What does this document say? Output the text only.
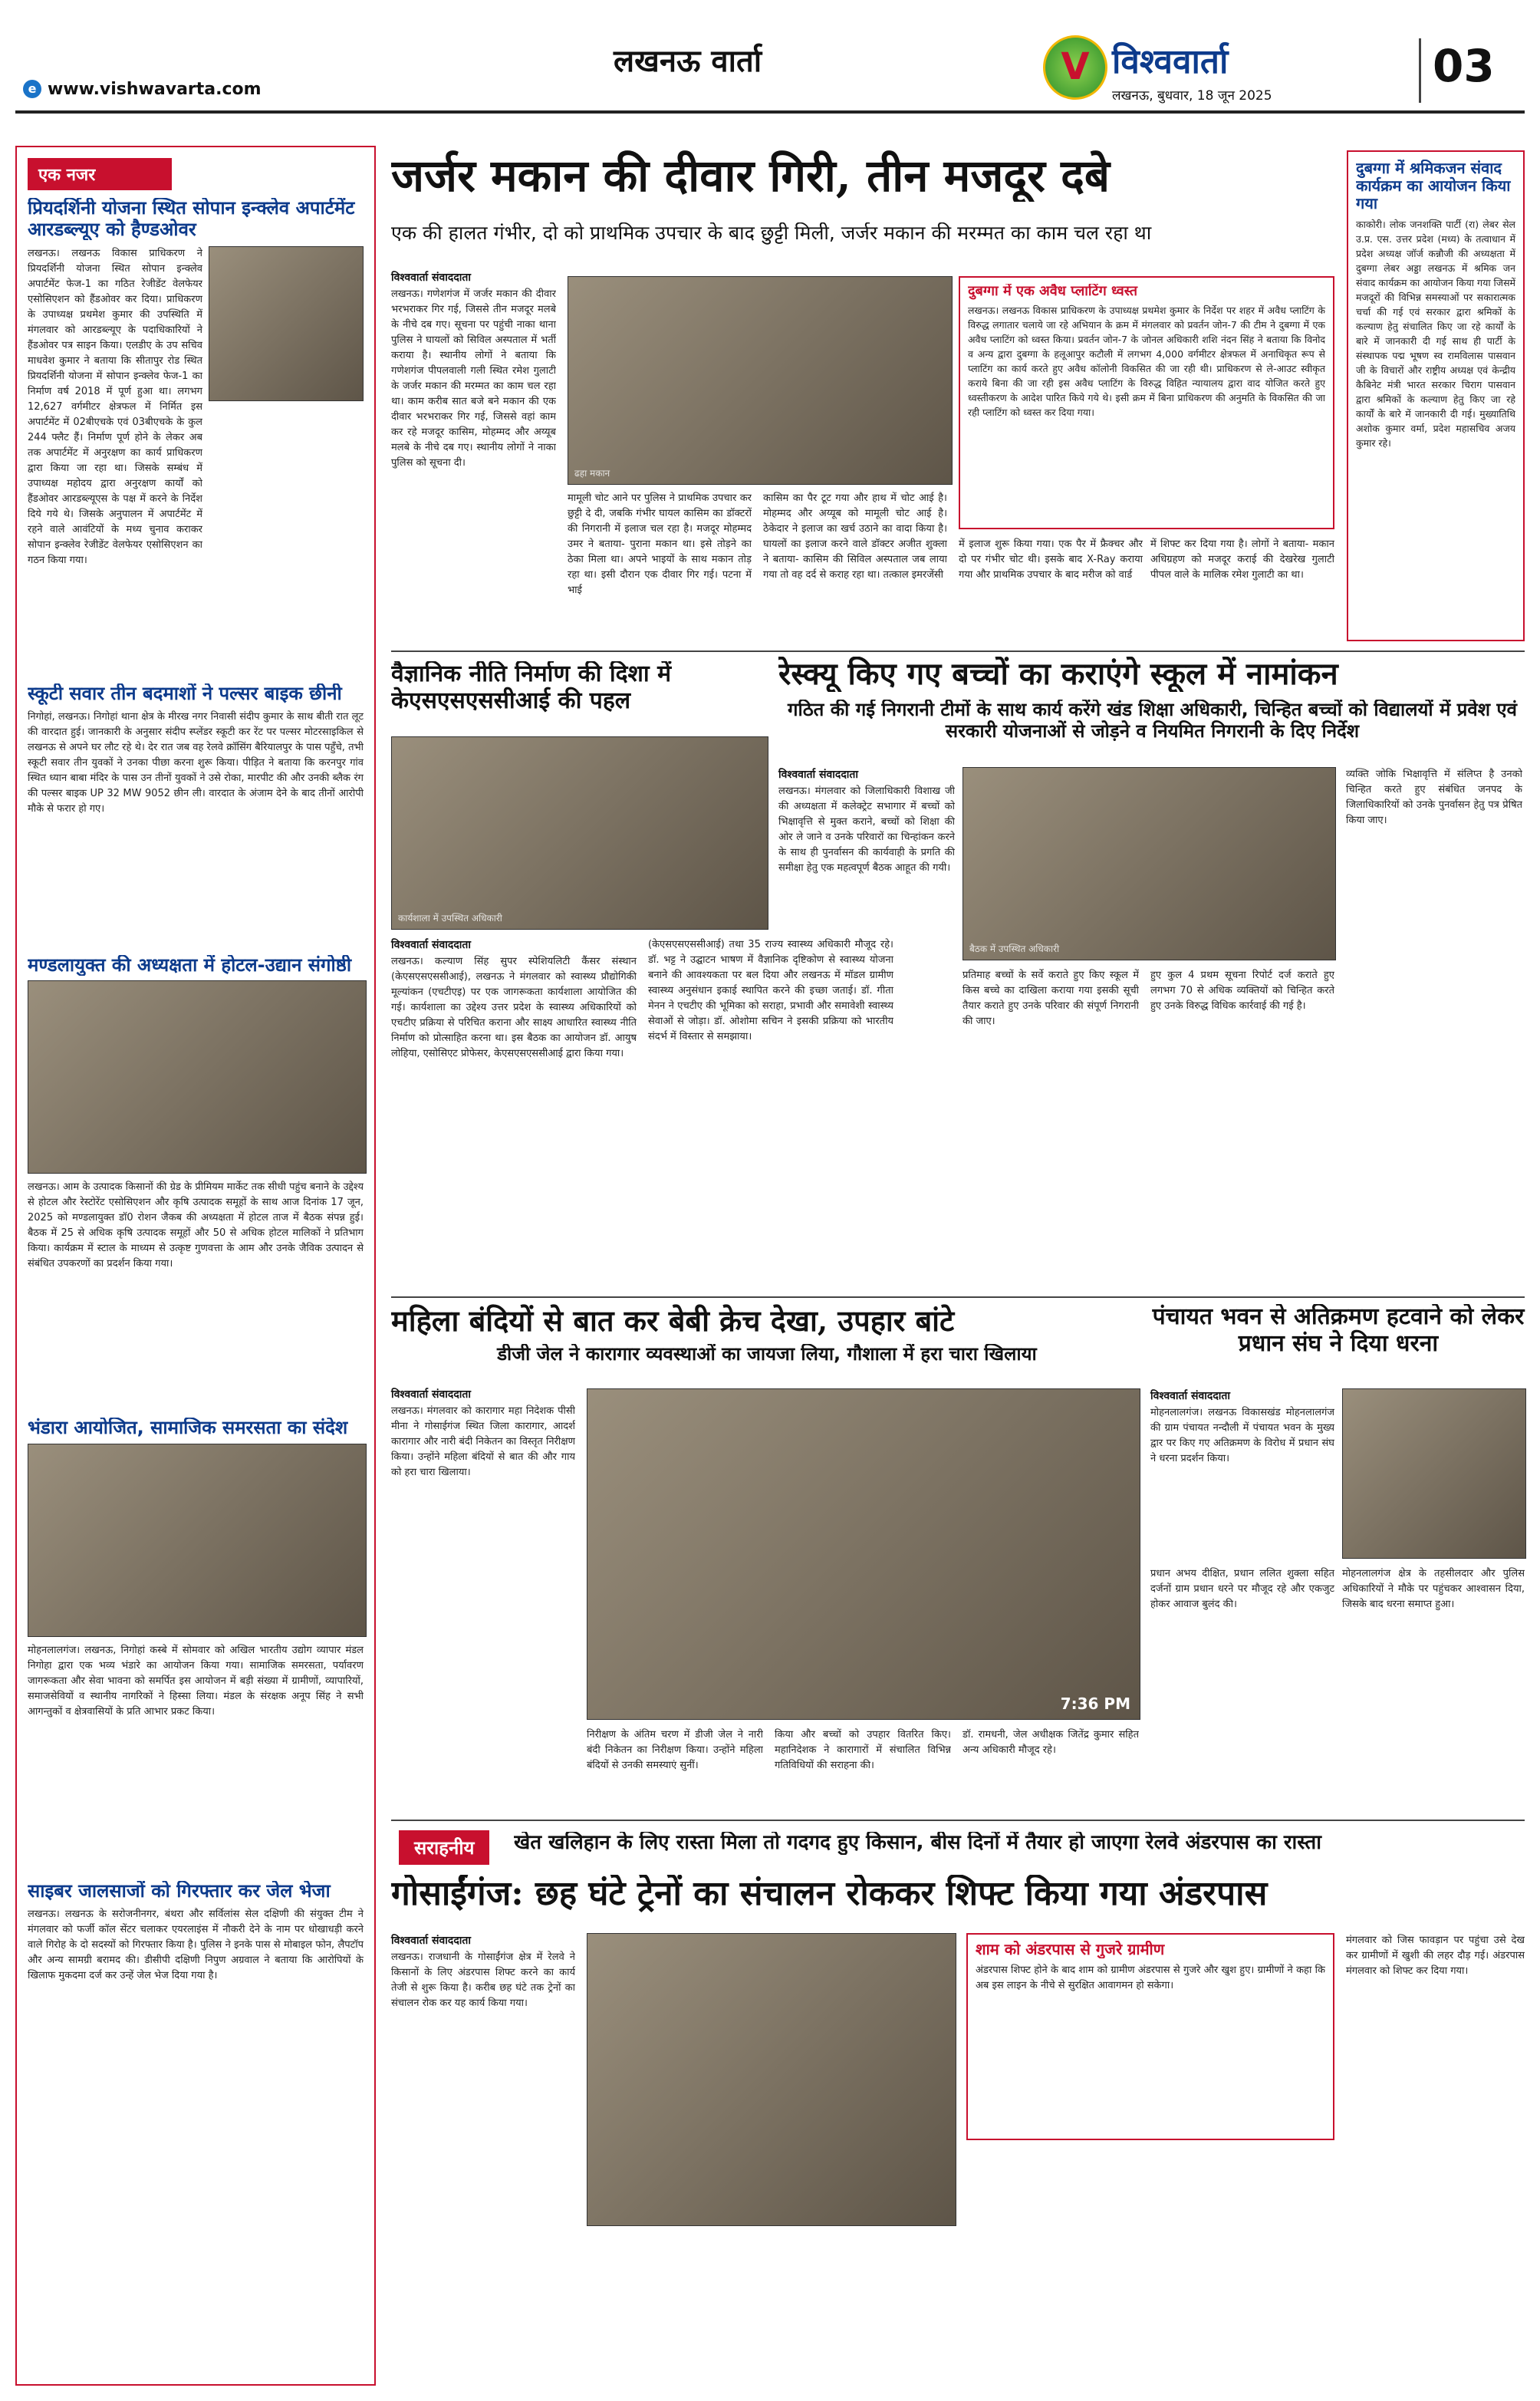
लखनऊ वार्ता
e www.vishwavarta.com
V विश्ववार्ता
लखनऊ, बुधवार, 18 जून 2025
03
एक नजर
प्रियदर्शिनी योजना स्थित सोपान इन्क्लेव अपार्टमेंट आरडब्ल्यूए को हैण्डओवर
लखनऊ। लखनऊ विकास प्राधिकरण ने प्रियदर्शिनी योजना स्थित सोपान इन्क्लेव अपार्टमेंट फेज-1 का गठित रेजीडेंट वेलफेयर एसोसिएशन को हैंडओवर कर दिया। प्राधिकरण के उपाध्यक्ष प्रथमेश कुमार की उपस्थिति में मंगलवार को आरडब्ल्यूए के पदाधिकारियों ने हैंडओवर पत्र साइन किया। एलडीए के उप सचिव माधवेश कुमार ने बताया कि सीतापुर रोड स्थित प्रियदर्शिनी योजना में सोपान इन्क्लेव फेज-1 का निर्माण वर्ष 2018 में पूर्ण हुआ था। लगभग 12,627 वर्गमीटर क्षेत्रफल में निर्मित इस अपार्टमेंट में 02बीएचके एवं 03बीएचके के कुल 244 फ्लैट हैं। निर्माण पूर्ण होने के लेकर अब तक अपार्टमेंट में अनुरक्षण का कार्य प्राधिकरण द्वारा किया जा रहा था। जिसके सम्बंध में उपाध्यक्ष महोदय द्वारा अनुरक्षण कार्यों को हैंडओवर आरडब्ल्यूएस के पक्ष में करने के निर्देश दिये गये थे। जिसके अनुपालन में अपार्टमेंट में रहने वाले आवंटियों के मध्य चुनाव कराकर सोपान इन्क्लेव रेजीडेंट वेलफेयर एसोसिएशन का गठन किया गया।
स्कूटी सवार तीन बदमाशों ने पल्सर बाइक छीनी
निगोहां, लखनऊ। निगोहां थाना क्षेत्र के मीरख नगर निवासी संदीप कुमार के साथ बीती रात लूट की वारदात हुई। जानकारी के अनुसार संदीप स्प्लेंडर स्कूटी कर रेंट पर पल्सर मोटरसाइकिल से लखनऊ से अपने घर लौट रहे थे। देर रात जब वह रेलवे क्रॉसिंग बैरियालपुर के पास पहुँचे, तभी स्कूटी सवार तीन युवकों ने उनका पीछा करना शुरू किया। पीड़ित ने बताया कि करनपुर गांव स्थित ध्यान बाबा मंदिर के पास उन तीनों युवकों ने उसे रोका, मारपीट की और उनकी ब्लैक रंग की पल्सर बाइक UP 32 MW 9052 छीन ली। वारदात के अंजाम देने के बाद तीनों आरोपी मौके से फरार हो गए।
मण्डलायुक्त की अध्यक्षता में होटल-उद्यान संगोष्ठी
लखनऊ। आम के उत्पादक किसानों की ग्रेड के प्रीमियम मार्केट तक सीधी पहुंच बनाने के उद्देश्य से होटल और रेस्टोरेंट एसोसिएशन और कृषि उत्पादक समूहों के साथ आज दिनांक 17 जून, 2025 को मण्डलायुक्त डॉ0 रोशन जैकब की अध्यक्षता में होटल ताज में बैठक संपन्न हुई। बैठक में 25 से अधिक कृषि उत्पादक समूहों और 50 से अधिक होटल मालिकों ने प्रतिभाग किया। कार्यक्रम में स्टाल के माध्यम से उत्कृष्ट गुणवत्ता के आम और उनके जैविक उत्पादन से संबंधित उपकरणों का प्रदर्शन किया गया।
भंडारा आयोजित, सामाजिक समरसता का संदेश
मोहनलालगंज। लखनऊ, निगोहां कस्बे में सोमवार को अखिल भारतीय उद्योग व्यापार मंडल निगोहा द्वारा एक भव्य भंडारे का आयोजन किया गया। सामाजिक समरसता, पर्यावरण जागरूकता और सेवा भावना को समर्पित इस आयोजन में बड़ी संख्या में ग्रामीणों, व्यापारियों, समाजसेवियों व स्थानीय नागरिकों ने हिस्सा लिया। मंडल के संरक्षक अनूप सिंह ने सभी आगन्तुकों व क्षेत्रवासियों के प्रति आभार प्रकट किया।
साइबर जालसाजों को गिरफ्तार कर जेल भेजा
लखनऊ। लखनऊ के सरोजनीनगर, बंथरा और सर्विलांस सेल दक्षिणी की संयुक्त टीम ने मंगलवार को फर्जी कॉल सेंटर चलाकर एयरलाइंस में नौकरी देने के नाम पर धोखाधड़ी करने वाले गिरोह के दो सदस्यों को गिरफ्तार किया है। पुलिस ने इनके पास से मोबाइल फोन, लैपटॉप और अन्य सामग्री बरामद की। डीसीपी दक्षिणी निपुण अग्रवाल ने बताया कि आरोपियों के खिलाफ मुकदमा दर्ज कर उन्हें जेल भेज दिया गया है।
जर्जर मकान की दीवार गिरी, तीन मजदूर दबे
एक की हालत गंभीर, दो को प्राथमिक उपचार के बाद छुट्टी मिली, जर्जर मकान की मरम्मत का काम चल रहा था
विश्ववार्ता संवाददाता
लखनऊ। गणेशगंज में जर्जर मकान की दीवार भरभराकर गिर गई, जिससे तीन मजदूर मलबे के नीचे दब गए। सूचना पर पहुंची नाका थाना पुलिस ने घायलों को सिविल अस्पताल में भर्ती कराया है। स्थानीय लोगों ने बताया कि गणेशगंज पीपलवाली गली स्थित रमेश गुलाटी के जर्जर मकान की मरम्मत का काम चल रहा था। काम करीब सात बजे बने मकान की एक दीवार भरभराकर गिर गई, जिससे वहां काम कर रहे मजदूर कासिम, मोहम्मद और अय्यूब मलबे के नीचे दब गए। स्थानीय लोगों ने नाका पुलिस को सूचना दी।
ढहा मकान
मामूली चोट आने पर पुलिस ने प्राथमिक उपचार कर छुट्टी दे दी, जबकि गंभीर घायल कासिम का डॉक्टरों की निगरानी में इलाज चल रहा है। मजदूर मोहम्मद उमर ने बताया- पुराना मकान था। इसे तोड़ने का ठेका मिला था। अपने भाइयों के साथ मकान तोड़ रहा था। इसी दौरान एक दीवार गिर गई। पटना में भाई
कासिम का पैर टूट गया और हाथ में चोट आई है। मोहम्मद और अय्यूब को मामूली चोट आई है। ठेकेदार ने इलाज का खर्च उठाने का वादा किया है। घायलों का इलाज करने वाले डॉक्टर अजीत शुक्ला ने बताया- कासिम की सिविल अस्पताल जब लाया गया तो वह दर्द से कराह रहा था। तत्काल इमरजेंसी
दुबग्गा में एक अवैध प्लाटिंग ध्वस्त
लखनऊ। लखनऊ विकास प्राधिकरण के उपाध्यक्ष प्रथमेश कुमार के निर्देश पर शहर में अवैध प्लाटिंग के विरुद्ध लगातार चलाये जा रहे अभियान के क्रम में मंगलवार को प्रवर्तन जोन-7 की टीम ने दुबग्गा में एक अवैध प्लाटिंग को ध्वस्त किया। प्रवर्तन जोन-7 के जोनल अधिकारी शशि नंदन सिंह ने बताया कि विनोद व अन्य द्वारा दुबग्गा के हलूआपुर कटौली में लगभग 4,000 वर्गमीटर क्षेत्रफल में अनाधिकृत रूप से प्लाटिंग का कार्य करते हुए अवैध कॉलोनी विकसित की जा रही थी। प्राधिकरण से ले-आउट स्वीकृत कराये बिना की जा रही इस अवैध प्लाटिंग के विरुद्ध विहित न्यायालय द्वारा वाद योजित करते हुए ध्वस्तीकरण के आदेश पारित किये गये थे। इसी क्रम में बिना प्राधिकरण की अनुमति के विकसित की जा रही प्लाटिंग को ध्वस्त कर दिया गया।
में इलाज शुरू किया गया। एक पैर में फ्रैक्चर और दो पर गंभीर चोट थी। इसके बाद X-Ray कराया गया और प्राथमिक उपचार के बाद मरीज को वार्ड
में शिफ्ट कर दिया गया है। लोगों ने बताया- मकान अधिग्रहण को मजदूर कराई की देखरेख गुलाटी पीपल वाले के मालिक रमेश गुलाटी का था।
दुबग्गा में श्रमिकजन संवाद कार्यक्रम का आयोजन किया गया
काकोरी। लोक जनशक्ति पार्टी (रा) लेबर सेल उ.प्र. एस. उत्तर प्रदेश (मध्य) के तत्वाधान में प्रदेश अध्यक्ष जॉर्ज कन्नौजी की अध्यक्षता में दुबग्गा लेबर अड्डा लखनऊ में श्रमिक जन संवाद कार्यक्रम का आयोजन किया गया जिसमें मजदूरों की विभिन्न समस्याओं पर सकारात्मक चर्चा की गई एवं सरकार द्वारा श्रमिकों के कल्याण हेतु संचालित किए जा रहे कार्यों के बारे में जानकारी दी गई साथ ही पार्टी के संस्थापक पद्म भूषण स्व रामविलास पासवान जी के विचारों और राष्ट्रीय अध्यक्ष एवं केन्द्रीय कैबिनेट मंत्री भारत सरकार चिराग पासवान द्वारा श्रमिकों के कल्याण हेतु किए जा रहे कार्यों के बारे में जानकारी दी गई। मुख्यातिथि अशोक कुमार वर्मा, प्रदेश महासचिव अजय कुमार रहे।
वैज्ञानिक नीति निर्माण की दिशा में केएसएसएससीआई की पहल
कार्यशाला में उपस्थित अधिकारी
विश्ववार्ता संवाददाता
लखनऊ। कल्याण सिंह सुपर स्पेशियलिटी कैंसर संस्थान (केएसएसएससीआई), लखनऊ ने मंगलवार को स्वास्थ्य प्रौद्योगिकी मूल्यांकन (एचटीएइ) पर एक जागरूकता कार्यशाला आयोजित की गई। कार्यशाला का उद्देश्य उत्तर प्रदेश के स्वास्थ्य अधिकारियों को एचटीए प्रक्रिया से परिचित कराना और साक्ष्य आधारित स्वास्थ्य नीति निर्माण को प्रोत्साहित करना था। इस बैठक का आयोजन डॉ. आयुष लोहिया, एसोसिएट प्रोफेसर, केएसएसएससीआई द्वारा किया गया।
(केएसएसएससीआई) तथा 35 राज्य स्वास्थ्य अधिकारी मौजूद रहे। डॉ. भट्ट ने उद्घाटन भाषण में वैज्ञानिक दृष्टिकोण से स्वास्थ्य योजना बनाने की आवश्यकता पर बल दिया और लखनऊ में मॉडल ग्रामीण स्वास्थ्य अनुसंधान इकाई स्थापित करने की इच्छा जताई। डॉ. गीता मेनन ने एचटीए की भूमिका को सराहा, प्रभावी और समावेशी स्वास्थ्य सेवाओं से जोड़ा। डॉ. ओशोमा सचिन ने इसकी प्रक्रिया को भारतीय संदर्भ में विस्तार से समझाया।
रेस्क्यू किए गए बच्चों का कराएंगे स्कूल में नामांकन
गठित की गई निगरानी टीमों के साथ कार्य करेंगे खंड शिक्षा अधिकारी, चिन्हित बच्चों को विद्यालयों में प्रवेश एवं सरकारी योजनाओं से जोड़ने व नियमित निगरानी के दिए निर्देश
विश्ववार्ता संवाददाता
लखनऊ। मंगलवार को जिलाधिकारी विशाख जी की अध्यक्षता में कलेक्ट्रेट सभागार में बच्चों को भिक्षावृत्ति से मुक्त कराने, बच्चों को शिक्षा की ओर ले जाने व उनके परिवारों का चिन्हांकन करने के साथ ही पुनर्वासन की कार्यवाही के प्रगति की समीक्षा हेतु एक महत्वपूर्ण बैठक आहूत की गयी।
बैठक में उपस्थित अधिकारी
प्रतिमाह बच्चों के सर्वे कराते हुए किए स्कूल में किस बच्चे का दाखिला कराया गया इसकी सूची तैयार कराते हुए उनके परिवार की संपूर्ण निगरानी की जाए।
हुए कुल 4 प्रथम सूचना रिपोर्ट दर्ज कराते हुए लगभग 70 से अधिक व्यक्तियों को चिन्हित करते हुए उनके विरुद्ध विधिक कार्रवाई की गई है।
व्यक्ति जोकि भिक्षावृत्ति में संलिप्त है उनको चिन्हित करते हुए संबंधित जनपद के जिलाधिकारियों को उनके पुनर्वासन हेतु पत्र प्रेषित किया जाए।
महिला बंदियों से बात कर बेबी क्रेच देखा, उपहार बांटे
डीजी जेल ने कारागार व्यवस्थाओं का जायजा लिया, गौशाला में हरा चारा खिलाया
विश्ववार्ता संवाददाता
लखनऊ। मंगलवार को कारागार महा निदेशक पीसी मीना ने गोसाईगंज स्थित जिला कारागार, आदर्श कारागार और नारी बंदी निकेतन का विस्तृत निरीक्षण किया। उन्होंने महिला बंदियों से बात की और गाय को हरा चारा खिलाया।
7:36 PM
निरीक्षण के अंतिम चरण में डीजी जेल ने नारी बंदी निकेतन का निरीक्षण किया। उन्होंने महिला बंदियों से उनकी समस्याएं सुनीं।
किया और बच्चों को उपहार वितरित किए। महानिदेशक ने कारागारों में संचालित विभिन्न गतिविधियों की सराहना की।
डॉ. रामधनी, जेल अधीक्षक जितेंद्र कुमार सहित अन्य अधिकारी मौजूद रहे।
पंचायत भवन से अतिक्रमण हटवाने को लेकर प्रधान संघ ने दिया धरना
विश्ववार्ता संवाददाता
मोहनलालगंज। लखनऊ विकासखंड मोहनलालगंज की ग्राम पंचायत नन्दौली में पंचायत भवन के मुख्य द्वार पर किए गए अतिक्रमण के विरोध में प्रधान संघ ने धरना प्रदर्शन किया।
प्रधान अभय दीक्षित, प्रधान ललित शुक्ला सहित दर्जनों ग्राम प्रधान धरने पर मौजूद रहे और एकजुट होकर आवाज बुलंद की।
मोहनलालगंज क्षेत्र के तहसीलदार और पुलिस अधिकारियों ने मौके पर पहुंचकर आश्वासन दिया, जिसके बाद धरना समाप्त हुआ।
सराहनीय	खेत खलिहान के लिए रास्ता मिला तो गदगद हुए किसान, बीस दिनों में तैयार हो जाएगा रेलवे अंडरपास का रास्ता
गोसाईंगंज: छह घंटे ट्रेनों का संचालन रोककर शिफ्ट किया गया अंडरपास
विश्ववार्ता संवाददाता
लखनऊ। राजधानी के गोसाईंगंज क्षेत्र में रेलवे ने किसानों के लिए अंडरपास शिफ्ट करने का कार्य तेजी से शुरू किया है। करीब छह घंटे तक ट्रेनों का संचालन रोक कर यह कार्य किया गया।
शाम को अंडरपास से गुजरे ग्रामीण
अंडरपास शिफ्ट होने के बाद शाम को ग्रामीण अंडरपास से गुजरे और खुश हुए। ग्रामीणों ने कहा कि अब इस लाइन के नीचे से सुरक्षित आवागमन हो सकेगा।
मंगलवार को जिस फावड़ान पर पहुंचा उसे देख कर ग्रामीणों में खुशी की लहर दौड़ गई। अंडरपास मंगलवार को शिफ्ट कर दिया गया।
